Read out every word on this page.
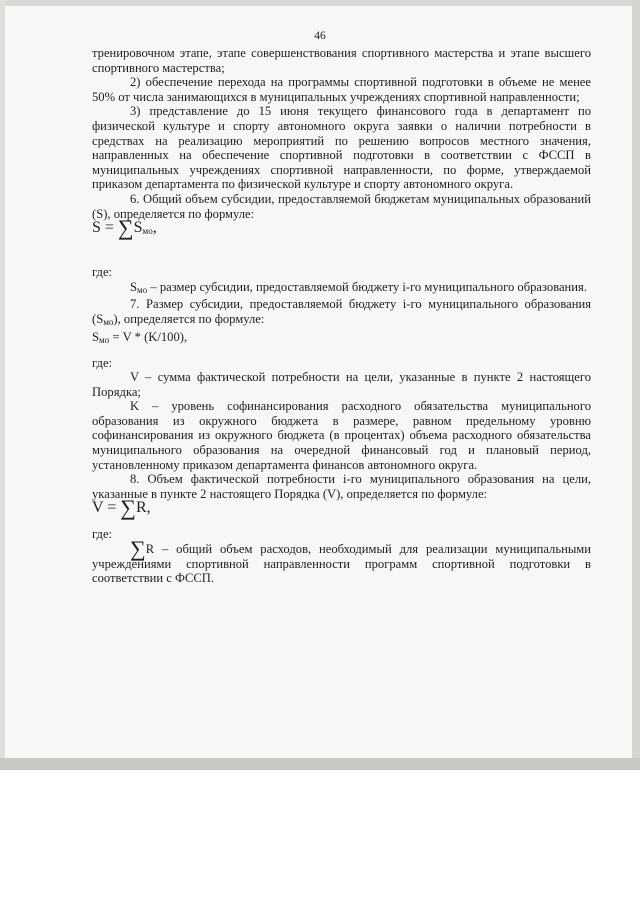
46

тренировочном этапе, этапе совершенствования спортивного мастерства и этапе высшего спортивного мастерства;

2) обеспечение перехода на программы спортивной подготовки в объеме не менее 50% от числа занимающихся в муниципальных учреждениях спортивной направленности;

3) представление до 15 июня текущего финансового года в департамент по физической культуре и спорту автономного округа заявки о наличии потребности в средствах на реализацию мероприятий по решению вопросов местного значения, направленных на обеспечение спортивной подготовки в соответствии с ФССП в муниципальных учреждениях спортивной направленности, по форме, утверждаемой приказом департамента по физической культуре и спорту автономного округа.

6. Общий объем субсидии, предоставляемой бюджетам муниципальных образований (S), определяется по формуле:

$S = \sum S_{мо}$,

где:

$S_{мо}$ – размер субсидии, предоставляемой бюджету i-го муниципального образования.

7. Размер субсидии, предоставляемой бюджету i-го муниципального образования $(S_{мо})$, определяется по формуле:

$S_{мо} = V * (K/100)$,

где:

V – сумма фактической потребности на цели, указанные в пункте 2 настоящего Порядка;

K – уровень софинансирования расходного обязательства муниципального образования из окружного бюджета в размере, равном предельному уровню софинансирования из окружного бюджета (в процентах) объема расходного обязательства муниципального образования на очередной финансовый год и плановый период, установленному приказом департамента финансов автономного округа.

8. Объем фактической потребности i-го муниципального образования на цели, указанные в пункте 2 настоящего Порядка (V), определяется по формуле:

V = ∑R,

где:

∑R – общий объем расходов, необходимый для реализации муниципальными учреждениями спортивной направленности программ спортивной подготовки в соответствии с ФССП.
